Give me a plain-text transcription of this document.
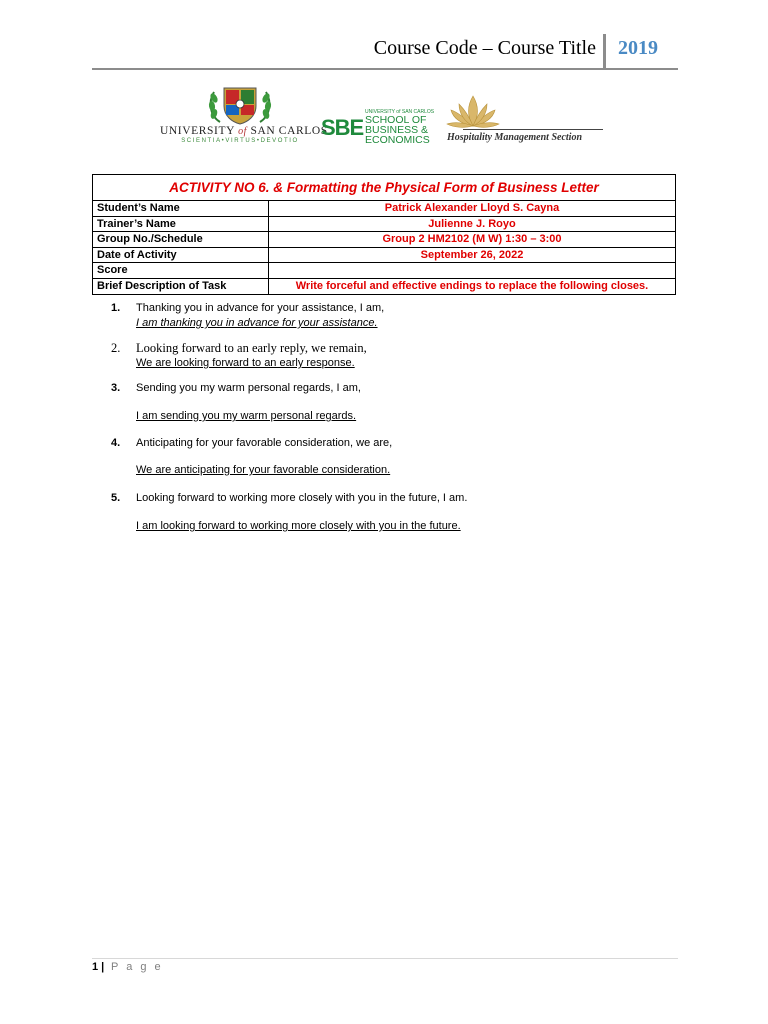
Course Code – Course Title 2019
UNIVERSITY of SAN CARLOS
SCIENTIA•VIRTUS•DEVOTIO
SBE
UNIVERSITY of SAN CARLOS
SCHOOL OF
BUSINESS &
ECONOMICS Hospitality Management Section
ACTIVITY NO 6. & Formatting the Physical Form of Business Letter
Student’s Name	Patrick Alexander Lloyd S. Cayna
Trainer’s Name	Julienne J. Royo
Group No./Schedule	Group 2 HM2102 (M W) 1:30 – 3:00
Date of Activity	September 26, 2022
Score
Brief Description of Task	Write forceful and effective endings to replace the following closes.
1. Thanking you in advance for your assistance, I am,
I am thanking you in advance for your assistance.
2. Looking forward to an early reply, we remain,
We are looking forward to an early response.
3. Sending you my warm personal regards, I am,
I am sending you my warm personal regards.
4. Anticipating for your favorable consideration, we are,
We are anticipating for your favorable consideration.
5. Looking forward to working more closely with you in the future, I am.
I am looking forward to working more closely with you in the future.
1 | P a g e
